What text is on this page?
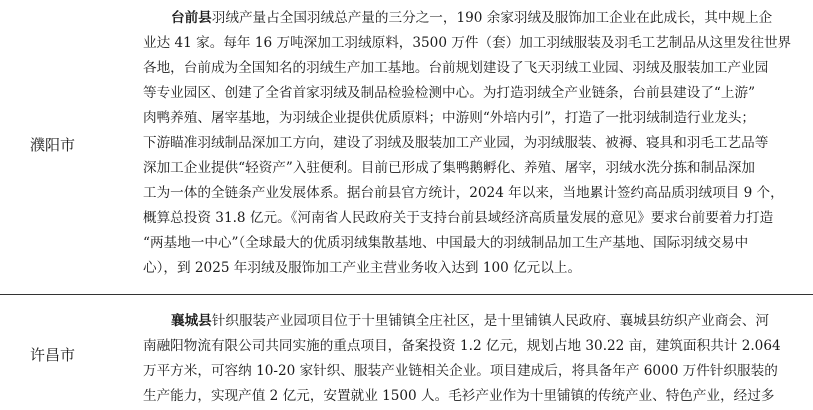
濮阳市
台前县羽绒产量占全国羽绒总产量的三分之一，190 余家羽绒及服饰加工企业在此成长，其中规上企
业达 41 家。每年 16 万吨深加工羽绒原料，3500 万件（套）加工羽绒服装及羽毛工艺制品从这里发往世界
各地，台前成为全国知名的羽绒生产加工基地。台前规划建设了飞天羽绒工业园、羽绒及服装加工产业园
等专业园区、创建了全省首家羽绒及制品检验检测中心。为打造羽绒全产业链条，台前县建设了“上游”
肉鸭养殖、屠宰基地，为羽绒企业提供优质原料；中游则“外培内引”，打造了一批羽绒制造行业龙头；
下游瞄准羽绒制品深加工方向，建设了羽绒及服装加工产业园，为羽绒服装、被褥、寝具和羽毛工艺品等
深加工企业提供“轻资产”入驻便利。目前已形成了集鸭鹅孵化、养殖、屠宰，羽绒水洗分拣和制品深加
工为一体的全链条产业发展体系。据台前县官方统计，2024 年以来，当地累计签约高品质羽绒项目 9 个，
概算总投资 31.8 亿元。《河南省人民政府关于支持台前县域经济高质量发展的意见》要求台前要着力打造
“两基地一中心”（全球最大的优质羽绒集散基地、中国最大的羽绒制品加工生产基地、国际羽绒交易中
心），到 2025 年羽绒及服饰加工产业主营业务收入达到 100 亿元以上。
许昌市
襄城县针织服装产业园项目位于十里铺镇全庄社区，是十里铺镇人民政府、襄城县纺织产业商会、河
南融阳物流有限公司共同实施的重点项目，备案投资 1.2 亿元，规划占地 30.22 亩，建筑面积共计 2.064
万平方米，可容纳 10-20 家针织、服装产业链相关企业。项目建成后，将具备年产 6000 万件针织服装的
生产能力，实现产值 2 亿元，安置就业 1500 人。毛衫产业作为十里铺镇的传统产业、特色产业，经过多
